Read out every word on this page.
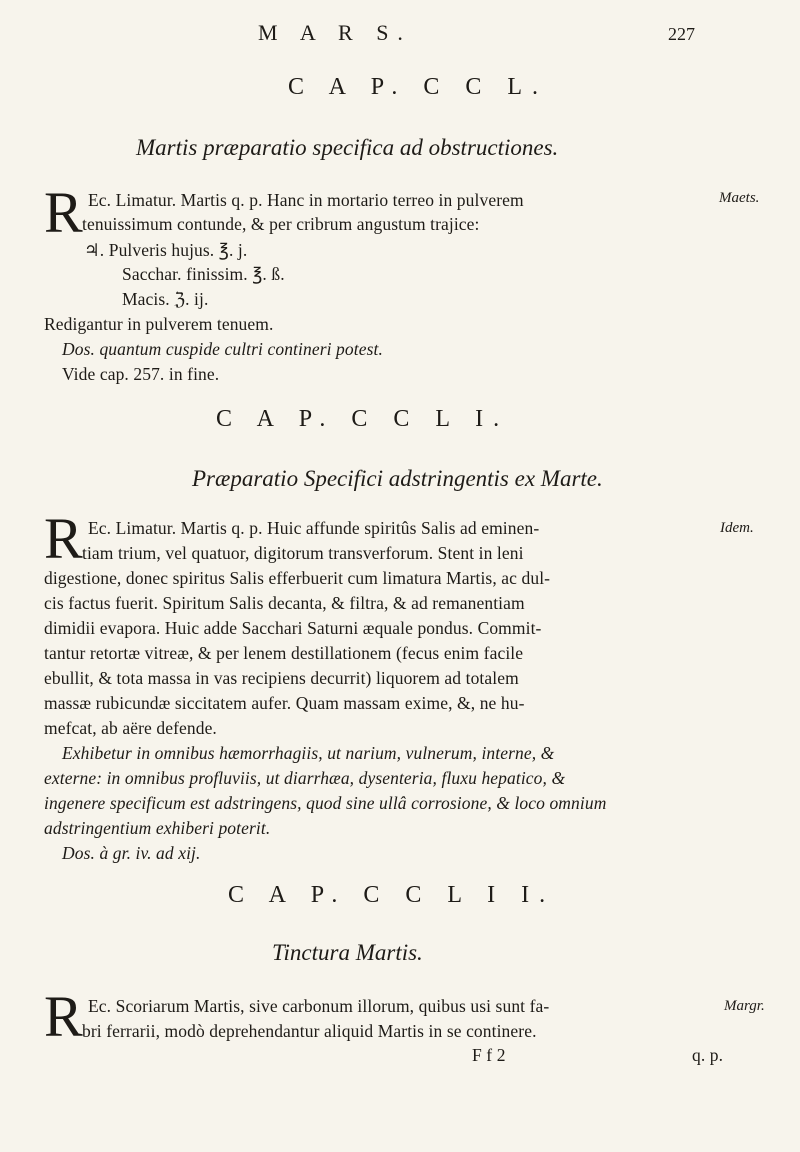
M A R S.	227
C A P. C C L.
Martis præparatio specifica ad obstructiones.
R	Maets.
Ec. Limatur. Martis q. p. Hanc in mortario terreo in pulverem
tenuissimum contunde, & per cribrum angustum trajice:
♃. Pulveris hujus. ℥. j.
Sacchar. finissim. ℥. ß.
Macis. ℨ. ij.
Redigantur in pulverem tenuem.
Dos. quantum cuspide cultri contineri potest.
Vide cap. 257. in fine.
C A P. C C L I.
Præparatio Specifici adstringentis ex Marte.
R	Idem.
Ec. Limatur. Martis q. p. Huic affunde spiritûs Salis ad eminen-
tiam trium, vel quatuor, digitorum transverforum. Stent in leni
digestione, donec spiritus Salis efferbuerit cum limatura Martis, ac dul-
cis factus fuerit. Spiritum Salis decanta, & filtra, & ad remanentiam
dimidii evapora. Huic adde Sacchari Saturni æquale pondus. Commit-
tantur retortæ vitreæ, & per lenem destillationem (fecus enim facile
ebullit, & tota massa in vas recipiens decurrit) liquorem ad totalem
massæ rubicundæ siccitatem aufer. Quam massam exime, &, ne hu-
mefcat, ab aëre defende.
Exhibetur in omnibus hæmorrhagiis, ut narium, vulnerum, interne, &
externe: in omnibus profluviis, ut diarrhæa, dysenteria, fluxu hepatico, &
ingenere specificum est adstringens, quod sine ullâ corrosione, & loco omnium
adstringentium exhiberi poterit.
Dos. à gr. iv. ad xij.
C A P. C C L I I.
Tinctura Martis.
R	Margr.
Ec. Scoriarum Martis, sive carbonum illorum, quibus usi sunt fa-
bri ferrarii, modò deprehendantur aliquid Martis in se continere.
F f 2	q. p.
